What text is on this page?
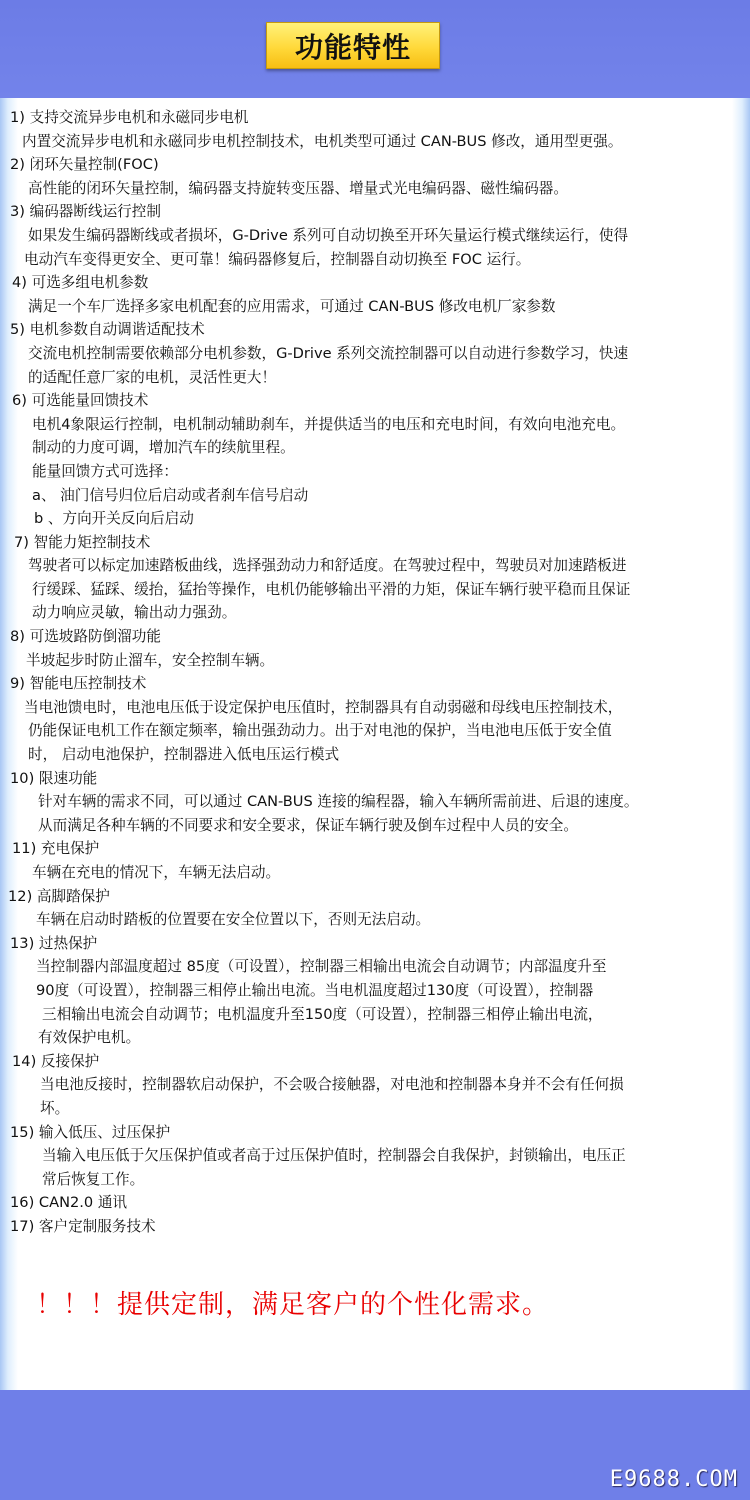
功能特性
1) 支持交流异步电机和永磁同步电机
内置交流异步电机和永磁同步电机控制技术，电机类型可通过 CAN-BUS 修改，通用型更强。
2) 闭环矢量控制(FOC)
高性能的闭环矢量控制，编码器支持旋转变压器、增量式光电编码器、磁性编码器。
3) 编码器断线运行控制
如果发生编码器断线或者损坏，G-Drive 系列可自动切换至开环矢量运行模式继续运行，使得
电动汽车变得更安全、更可靠！编码器修复后，控制器自动切换至 FOC 运行。
4) 可选多组电机参数
满足一个车厂选择多家电机配套的应用需求，可通过 CAN-BUS 修改电机厂家参数
5) 电机参数自动调谐适配技术
交流电机控制需要依赖部分电机参数，G-Drive 系列交流控制器可以自动进行参数学习，快速
的适配任意厂家的电机，灵活性更大！
6) 可选能量回馈技术
电机4象限运行控制，电机制动辅助刹车，并提供适当的电压和充电时间，有效向电池充电。
制动的力度可调，增加汽车的续航里程。
能量回馈方式可选择：
a、 油门信号归位后启动或者刹车信号启动
b 、方向开关反向后启动
7) 智能力矩控制技术
驾驶者可以标定加速踏板曲线，选择强劲动力和舒适度。在驾驶过程中，驾驶员对加速踏板进
行缓踩、猛踩、缓抬，猛抬等操作，电机仍能够输出平滑的力矩，保证车辆行驶平稳而且保证
动力响应灵敏，输出动力强劲。
8) 可选坡路防倒溜功能
半坡起步时防止溜车，安全控制车辆。
9) 智能电压控制技术
当电池馈电时，电池电压低于设定保护电压值时，控制器具有自动弱磁和母线电压控制技术，
仍能保证电机工作在额定频率，输出强劲动力。出于对电池的保护，当电池电压低于安全值
时， 启动电池保护，控制器进入低电压运行模式
10) 限速功能
针对车辆的需求不同，可以通过 CAN-BUS 连接的编程器，输入车辆所需前进、后退的速度。
从而满足各种车辆的不同要求和安全要求，保证车辆行驶及倒车过程中人员的安全。
11) 充电保护
车辆在充电的情况下，车辆无法启动。
12) 高脚踏保护
车辆在启动时踏板的位置要在安全位置以下，否则无法启动。
13) 过热保护
当控制器内部温度超过 85度（可设置），控制器三相输出电流会自动调节；内部温度升至
90度（可设置），控制器三相停止输出电流。当电机温度超过130度（可设置），控制器
三相输出电流会自动调节；电机温度升至150度（可设置），控制器三相停止输出电流，
有效保护电机。
14) 反接保护
当电池反接时，控制器软启动保护，不会吸合接触器，对电池和控制器本身并不会有任何损
坏。
15) 输入低压、过压保护
当输入电压低于欠压保护值或者高于过压保护值时，控制器会自我保护，封锁输出，电压正
常后恢复工作。
16) CAN2.0 通讯
17) 客户定制服务技术
！！！提供定制，满足客户的个性化需求。
E9688.COM
